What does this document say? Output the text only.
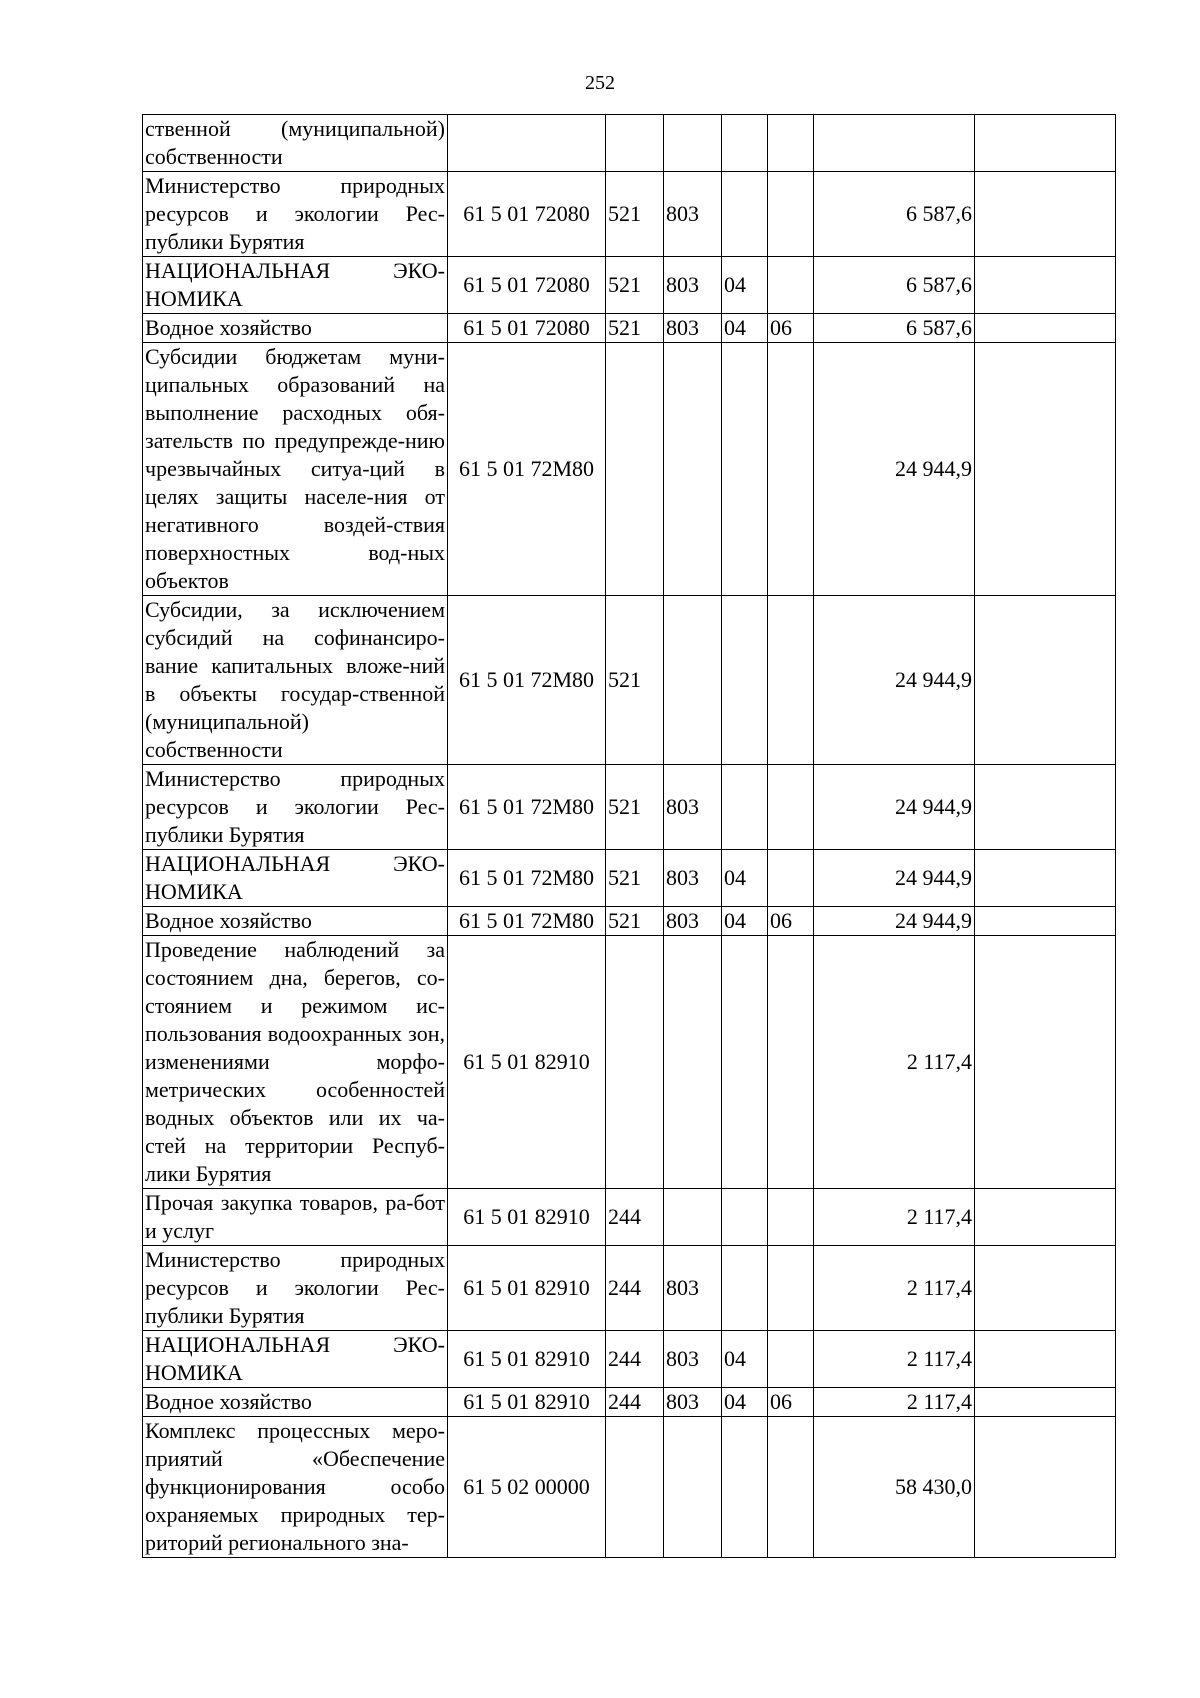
252
ственной (муниципальной) собственности							
Министерство природных ресурсов и экологии Рес-публики Бурятия	61 5 01 72080	521	803			6 587,6	
НАЦИОНАЛЬНАЯ ЭКО-НОМИКА	61 5 01 72080	521	803	04		6 587,6	
Водное хозяйство	61 5 01 72080	521	803	04	06	6 587,6	
Субсидии бюджетам муни-ципальных образований на выполнение расходных обя-зательств по предупрежде-нию чрезвычайных ситуа-ций в целях защиты населе-ния от негативного воздей-ствия поверхностных вод-ных объектов	61 5 01 72М80					24 944,9	
Субсидии, за исключением субсидий на софинансиро-вание капитальных вложе-ний в объекты государ-ственной (муниципальной) собственности	61 5 01 72М80	521				24 944,9	
Министерство природных ресурсов и экологии Рес-публики Бурятия	61 5 01 72М80	521	803			24 944,9	
НАЦИОНАЛЬНАЯ ЭКО-НОМИКА	61 5 01 72М80	521	803	04		24 944,9	
Водное хозяйство	61 5 01 72М80	521	803	04	06	24 944,9	
Проведение наблюдений за состоянием дна, берегов, со-стоянием и режимом ис-пользования водоохранных зон, изменениями морфо-метрических особенностей водных объектов или их ча-стей на территории Респуб-лики Бурятия	61 5 01 82910					2 117,4	
Прочая закупка товаров, ра-бот и услуг	61 5 01 82910	244				2 117,4	
Министерство природных ресурсов и экологии Рес-публики Бурятия	61 5 01 82910	244	803			2 117,4	
НАЦИОНАЛЬНАЯ ЭКО-НОМИКА	61 5 01 82910	244	803	04		2 117,4	
Водное хозяйство	61 5 01 82910	244	803	04	06	2 117,4	
Комплекс процессных меро-приятий «Обеспечение функционирования особо охраняемых природных тер-риторий регионального зна-	61 5 02 00000					58 430,0	
